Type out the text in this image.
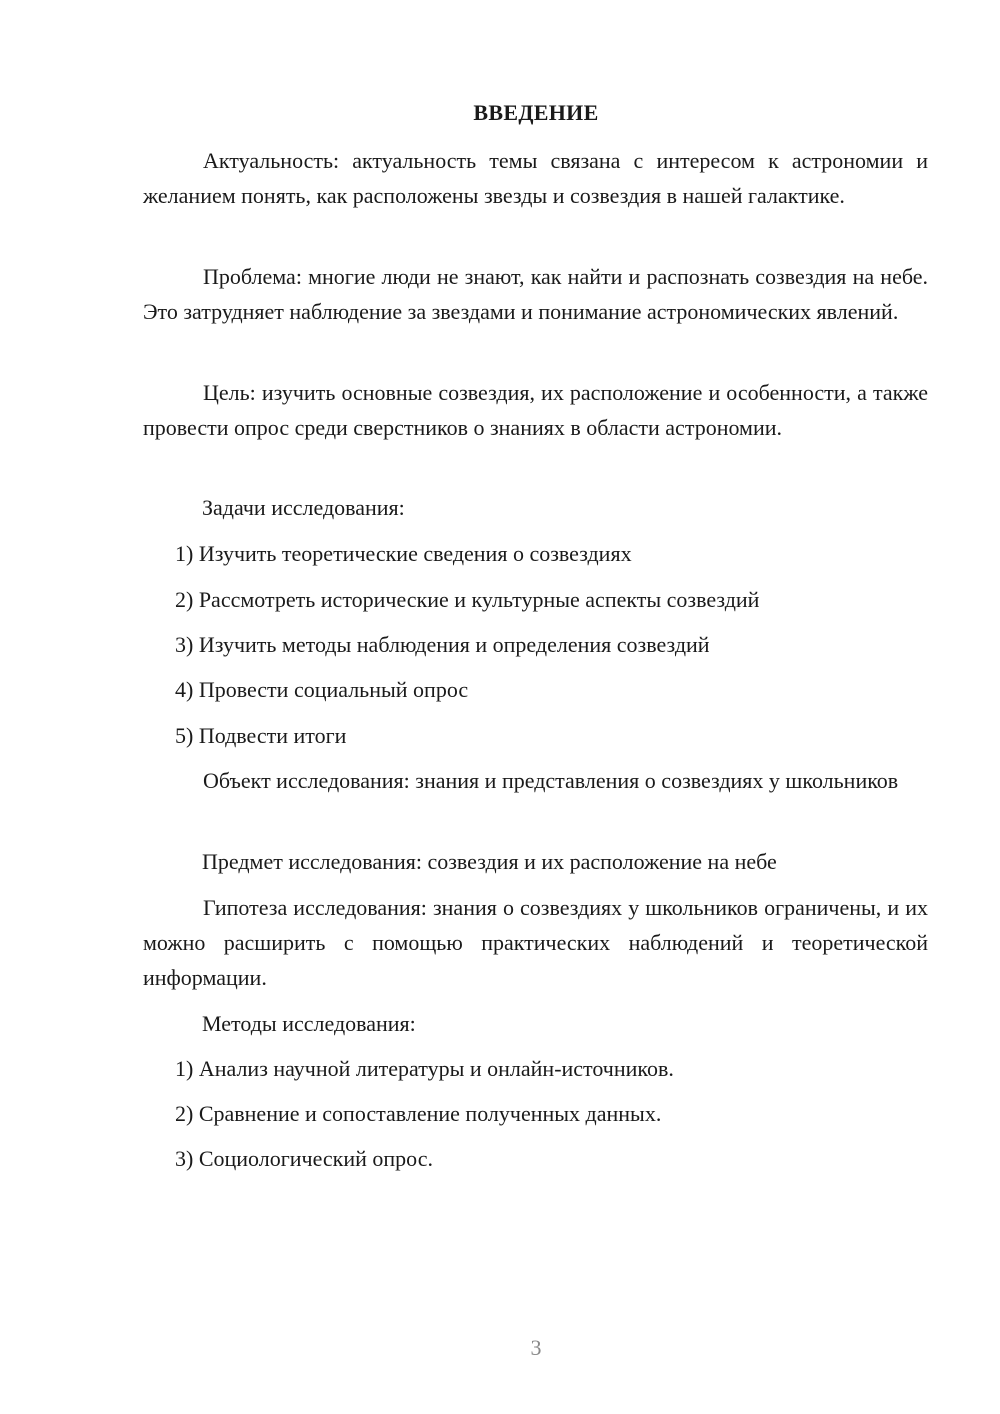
ВВЕДЕНИЕ

Актуальность: актуальность темы связана с интересом к астрономии и желанием понять, как расположены звезды и созвездия в нашей галактике.

Проблема: многие люди не знают, как найти и распознать созвездия на небе. Это затрудняет наблюдение за звездами и понимание астрономических явлений.

Цель: изучить основные созвездия, их расположение и особенности, а также провести опрос среди сверстников о знаниях в области астрономии.

Задачи исследования:

1) Изучить теоретические сведения о созвездиях

2) Рассмотреть исторические и культурные аспекты созвездий

3) Изучить методы наблюдения и определения созвездий

4) Провести социальный опрос

5) Подвести итоги

Объект исследования: знания и представления о созвездиях у школьников

Предмет исследования: созвездия и их расположение на небе

Гипотеза исследования: знания о созвездиях у школьников ограничены, и их можно расширить с помощью практических наблюдений и теоретической информации.

Методы исследования:

1) Анализ научной литературы и онлайн-источников.

2) Сравнение и сопоставление полученных данных.

3) Социологический опрос.

3
